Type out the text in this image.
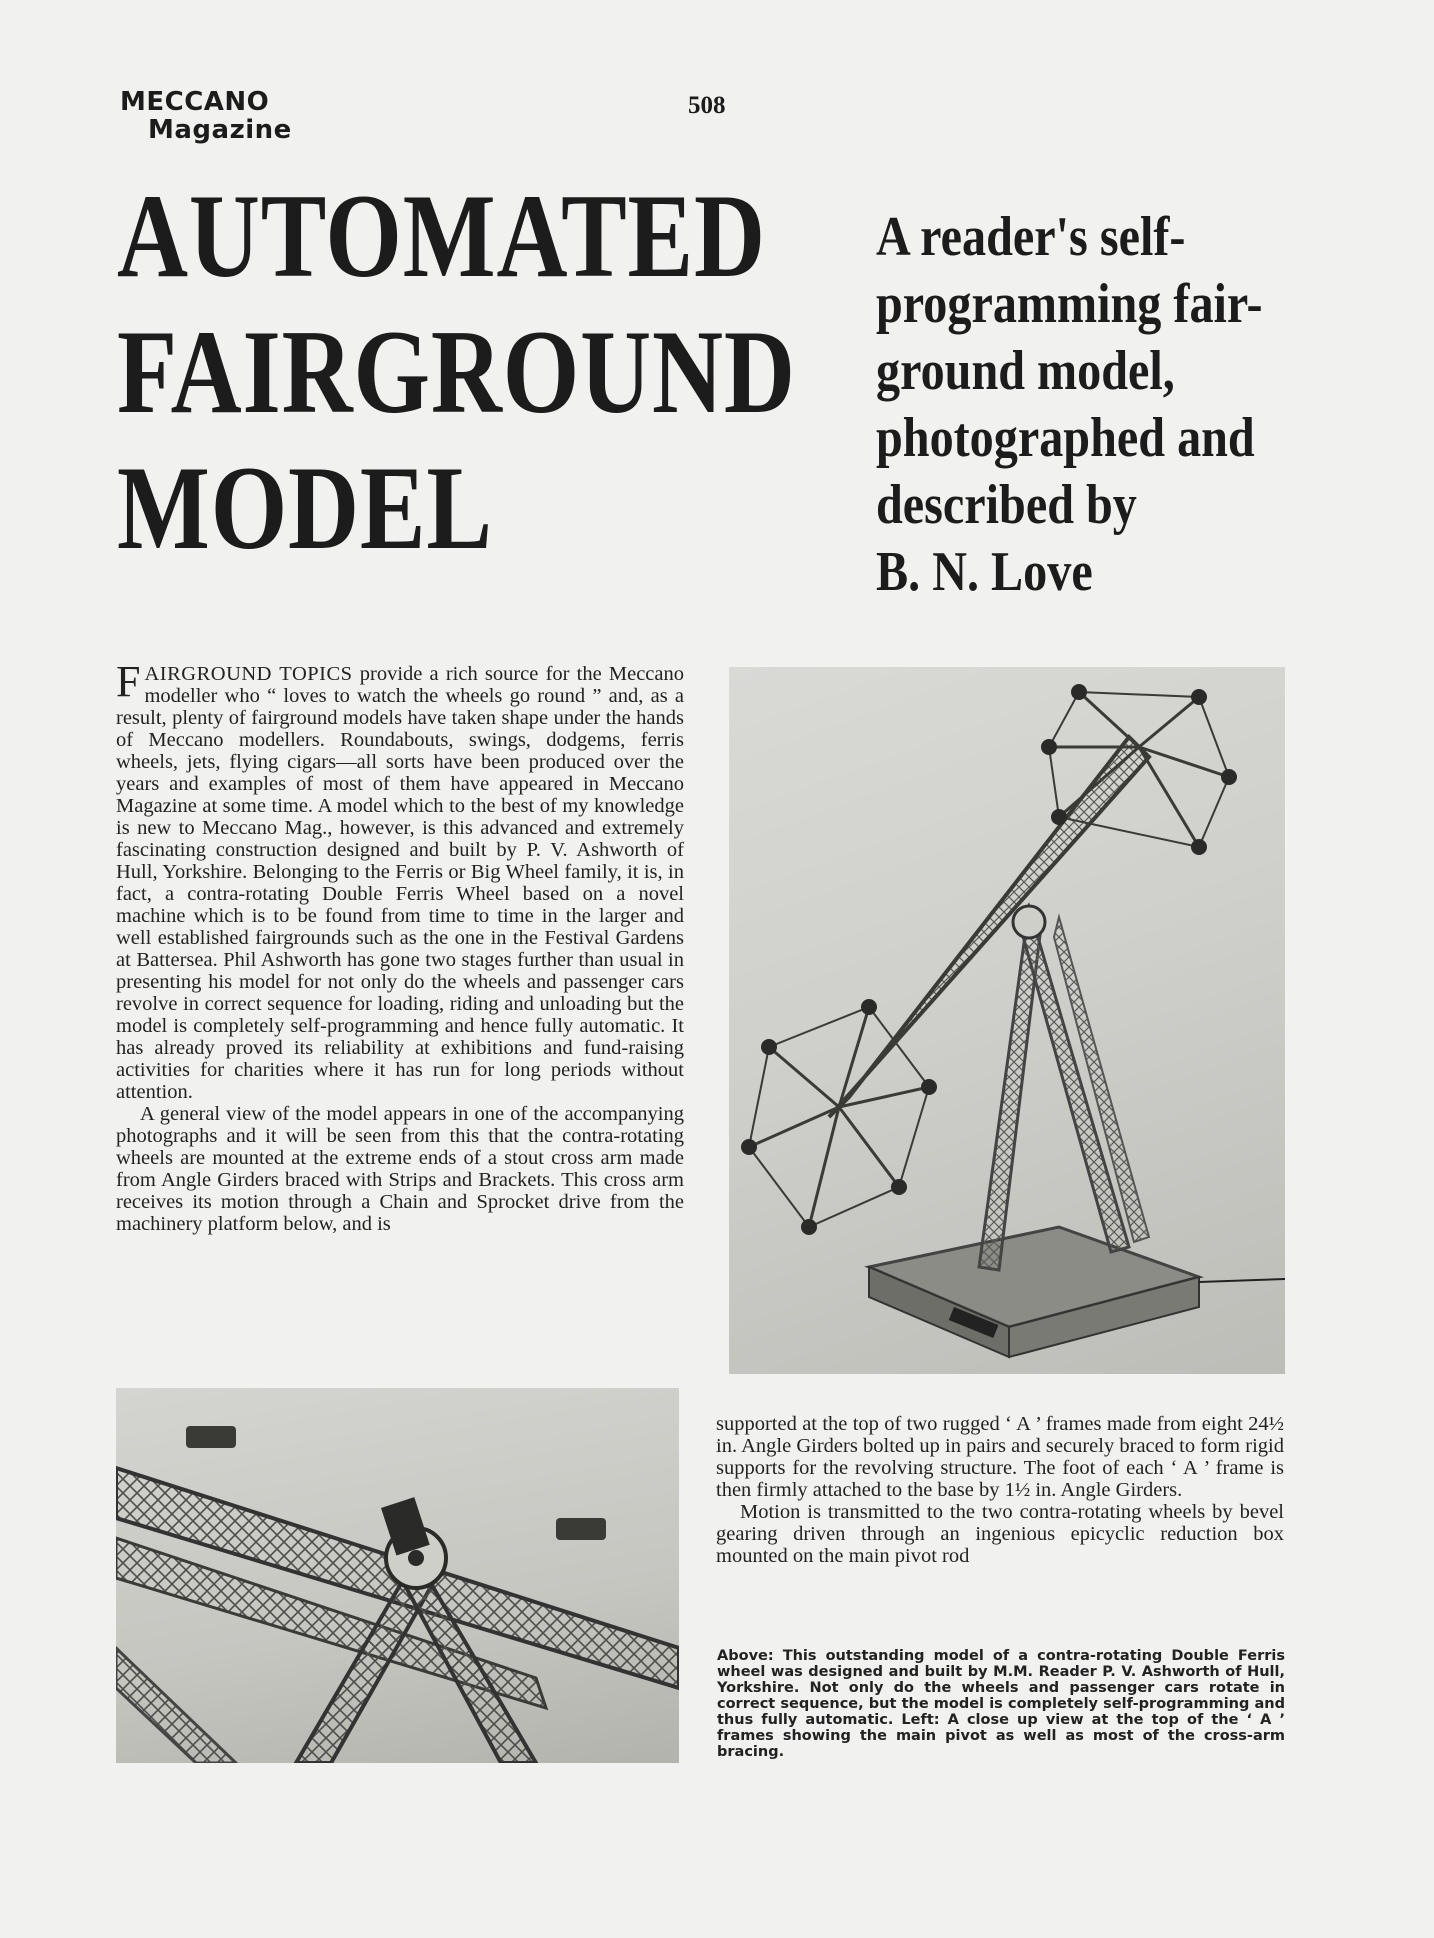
MECCANO
Magazine
508
AUTOMATED
FAIRGROUND
MODEL
A reader's self-
programming fair-
ground model,
photographed and
described by
B. N. Love

FAIRGROUND TOPICS provide a rich source for the Meccano modeller who “ loves to watch the wheels go round ” and, as a result, plenty of fairground models have taken shape under the hands of Meccano modellers. Roundabouts, swings, dodgems, ferris wheels, jets, flying cigars—all sorts have been produced over the years and examples of most of them have appeared in Meccano Magazine at some time. A model which to the best of my knowledge is new to Meccano Mag., however, is this advanced and extremely fascinating construction designed and built by P. V. Ashworth of Hull, Yorkshire. Belonging to the Ferris or Big Wheel family, it is, in fact, a contra-rotating Double Ferris Wheel based on a novel machine which is to be found from time to time in the larger and well established fairgrounds such as the one in the Festival Gardens at Battersea. Phil Ashworth has gone two stages further than usual in presenting his model for not only do the wheels and passenger cars revolve in correct sequence for loading, riding and unloading but the model is completely self-programming and hence fully automatic. It has already proved its reliability at exhibitions and fund-raising activities for charities where it has run for long periods without attention.

A general view of the model appears in one of the accompanying photographs and it will be seen from this that the contra-rotating wheels are mounted at the extreme ends of a stout cross arm made from Angle Girders braced with Strips and Brackets. This cross arm receives its motion through a Chain and Sprocket drive from the machinery platform below, and is

supported at the top of two rugged ‘ A ’ frames made from eight 24½ in. Angle Girders bolted up in pairs and securely braced to form rigid supports for the revolving structure. The foot of each ‘ A ’ frame is then firmly attached to the base by 1½ in. Angle Girders.

Motion is transmitted to the two contra-rotating wheels by bevel gearing driven through an ingenious epicyclic reduction box mounted on the main pivot rod

Above: This outstanding model of a contra-rotating Double Ferris wheel was designed and built by M.M. Reader P. V. Ashworth of Hull, Yorkshire. Not only do the wheels and passenger cars rotate in correct sequence, but the model is completely self-programming and thus fully automatic. Left: A close up view at the top of the ‘ A ’ frames showing the main pivot as well as most of the cross-arm bracing.
